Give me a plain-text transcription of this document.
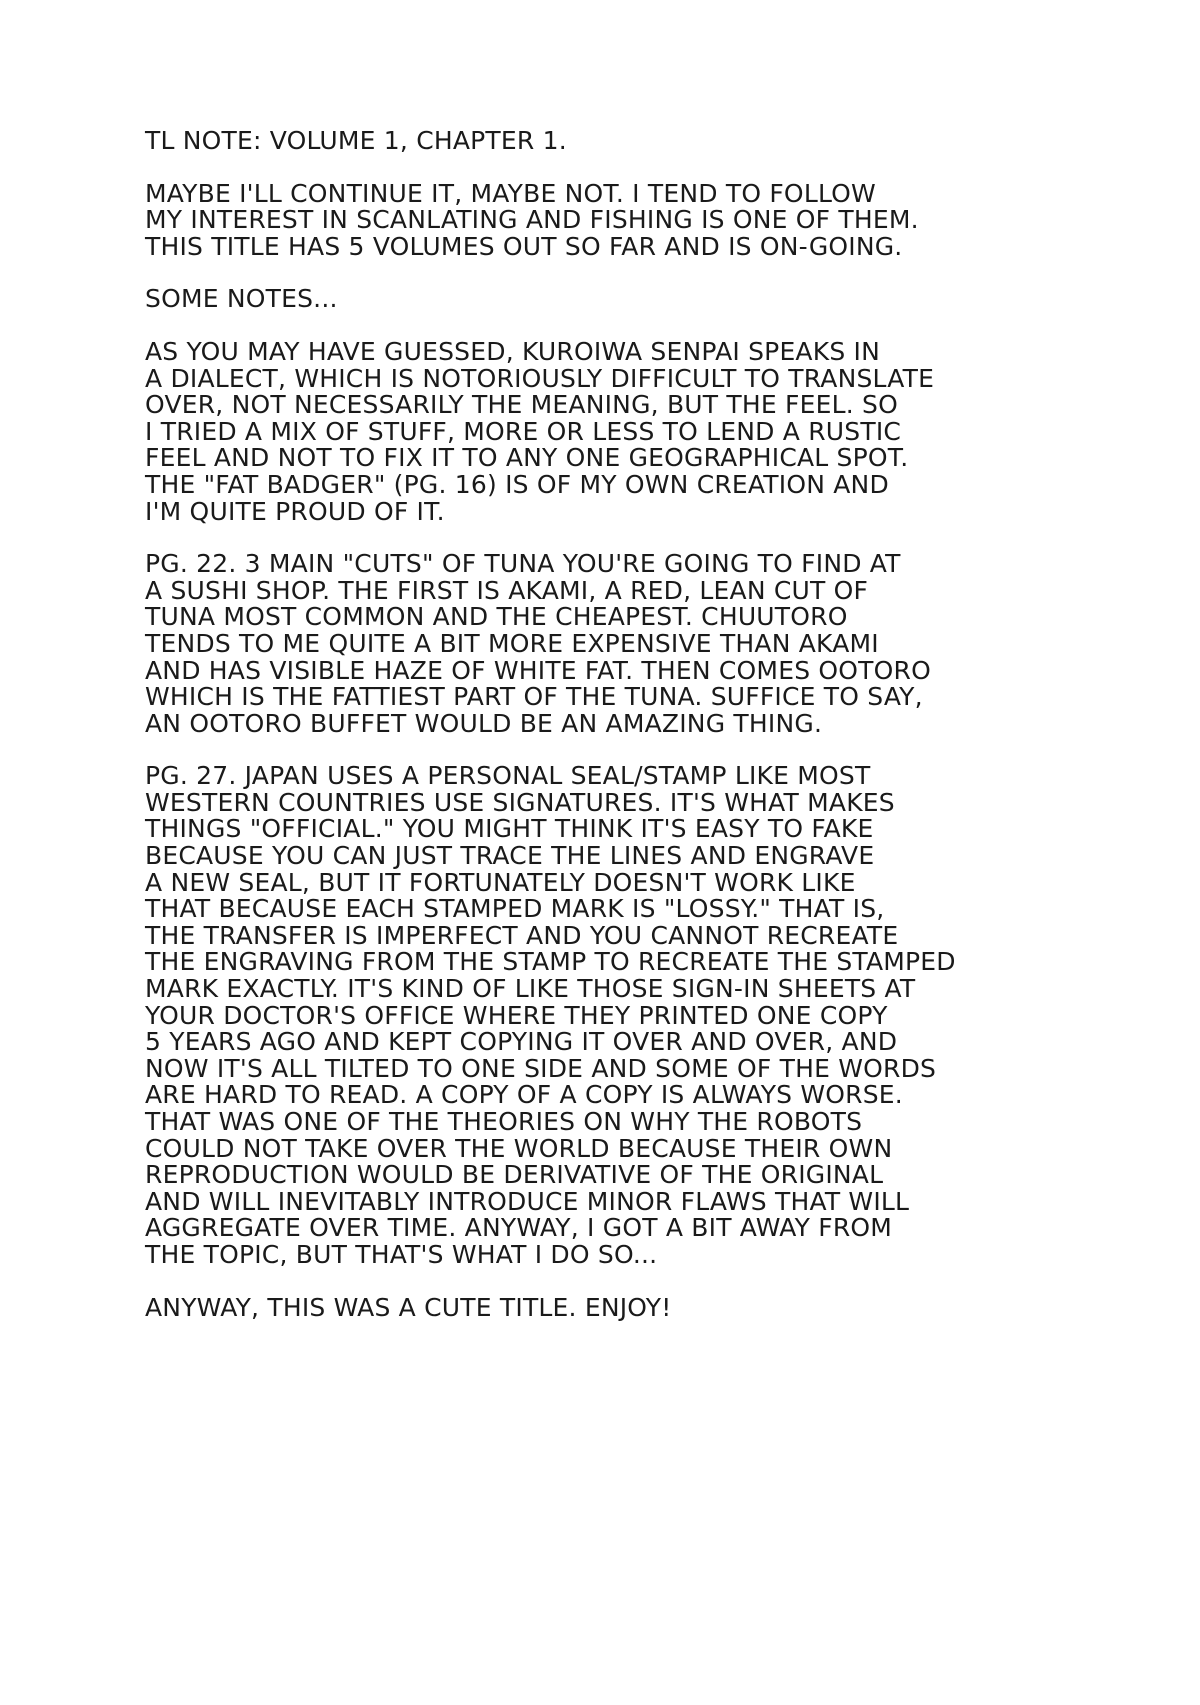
TL NOTE: VOLUME 1, CHAPTER 1.

MAYBE I'LL CONTINUE IT, MAYBE NOT. I TEND TO FOLLOW
MY INTEREST IN SCANLATING AND FISHING IS ONE OF THEM.
THIS TITLE HAS 5 VOLUMES OUT SO FAR AND IS ON-GOING.

SOME NOTES...

AS YOU MAY HAVE GUESSED, KUROIWA SENPAI SPEAKS IN
A DIALECT, WHICH IS NOTORIOUSLY DIFFICULT TO TRANSLATE
OVER, NOT NECESSARILY THE MEANING, BUT THE FEEL. SO
I TRIED A MIX OF STUFF, MORE OR LESS TO LEND A RUSTIC
FEEL AND NOT TO FIX IT TO ANY ONE GEOGRAPHICAL SPOT.
THE "FAT BADGER" (PG. 16) IS OF MY OWN CREATION AND
I'M QUITE PROUD OF IT.

PG. 22. 3 MAIN "CUTS" OF TUNA YOU'RE GOING TO FIND AT
A SUSHI SHOP. THE FIRST IS AKAMI, A RED, LEAN CUT OF
TUNA MOST COMMON AND THE CHEAPEST. CHUUTORO
TENDS TO ME QUITE A BIT MORE EXPENSIVE THAN AKAMI
AND HAS VISIBLE HAZE OF WHITE FAT. THEN COMES OOTORO
WHICH IS THE FATTIEST PART OF THE TUNA. SUFFICE TO SAY,
AN OOTORO BUFFET WOULD BE AN AMAZING THING.

PG. 27. JAPAN USES A PERSONAL SEAL/STAMP LIKE MOST
WESTERN COUNTRIES USE SIGNATURES. IT'S WHAT MAKES
THINGS "OFFICIAL." YOU MIGHT THINK IT'S EASY TO FAKE
BECAUSE YOU CAN JUST TRACE THE LINES AND ENGRAVE
A NEW SEAL, BUT IT FORTUNATELY DOESN'T WORK LIKE
THAT BECAUSE EACH STAMPED MARK IS "LOSSY." THAT IS,
THE TRANSFER IS IMPERFECT AND YOU CANNOT RECREATE
THE ENGRAVING FROM THE STAMP TO RECREATE THE STAMPED
MARK EXACTLY. IT'S KIND OF LIKE THOSE SIGN-IN SHEETS AT
YOUR DOCTOR'S OFFICE WHERE THEY PRINTED ONE COPY
5 YEARS AGO AND KEPT COPYING IT OVER AND OVER, AND
NOW IT'S ALL TILTED TO ONE SIDE AND SOME OF THE WORDS
ARE HARD TO READ. A COPY OF A COPY IS ALWAYS WORSE.
THAT WAS ONE OF THE THEORIES ON WHY THE ROBOTS
COULD NOT TAKE OVER THE WORLD BECAUSE THEIR OWN
REPRODUCTION WOULD BE DERIVATIVE OF THE ORIGINAL
AND WILL INEVITABLY INTRODUCE MINOR FLAWS THAT WILL
AGGREGATE OVER TIME. ANYWAY, I GOT A BIT AWAY FROM
THE TOPIC, BUT THAT'S WHAT I DO SO...

ANYWAY, THIS WAS A CUTE TITLE. ENJOY!
